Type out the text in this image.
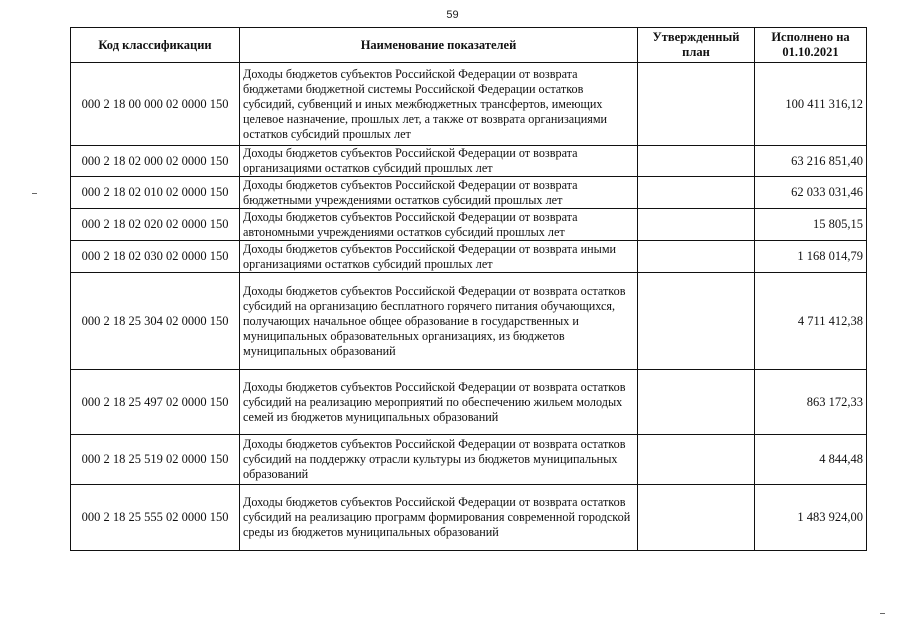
59
Код классификации	Наименование показателей	Утвержденный план	Исполнено на 01.10.2021
000 2 18 00 000 02 0000 150	Доходы бюджетов субъектов Российской Федерации от возврата бюджетами бюджетной системы Российской Федерации остатков субсидий, субвенций и иных межбюджетных трансфертов, имеющих целевое назначение, прошлых лет, а также от возврата организациями остатков субсидий прошлых лет		100 411 316,12
000 2 18 02 000 02 0000 150	Доходы бюджетов субъектов Российской Федерации от возврата организациями остатков субсидий прошлых лет		63 216 851,40
000 2 18 02 010 02 0000 150	Доходы бюджетов субъектов Российской Федерации от возврата бюджетными учреждениями остатков субсидий прошлых лет		62 033 031,46
000 2 18 02 020 02 0000 150	Доходы бюджетов субъектов Российской Федерации от возврата автономными учреждениями остатков субсидий прошлых лет		15 805,15
000 2 18 02 030 02 0000 150	Доходы бюджетов субъектов Российской Федерации от возврата иными организациями остатков субсидий прошлых лет		1 168 014,79
000 2 18 25 304 02 0000 150	Доходы бюджетов субъектов Российской Федерации от возврата остатков субсидий на организацию бесплатного горячего питания обучающихся, получающих начальное общее образование в государственных и муниципальных образовательных организациях, из бюджетов муниципальных образований		4 711 412,38
000 2 18 25 497 02 0000 150	Доходы бюджетов субъектов Российской Федерации от возврата остатков субсидий на реализацию мероприятий по обеспечению жильем молодых семей из бюджетов муниципальных образований		863 172,33
000 2 18 25 519 02 0000 150	Доходы бюджетов субъектов Российской Федерации от возврата остатков субсидий на поддержку отрасли культуры из бюджетов муниципальных образований		4 844,48
000 2 18 25 555 02 0000 150	Доходы бюджетов субъектов Российской Федерации от возврата остатков субсидий на реализацию программ формирования современной городской среды из бюджетов муниципальных образований		1 483 924,00
